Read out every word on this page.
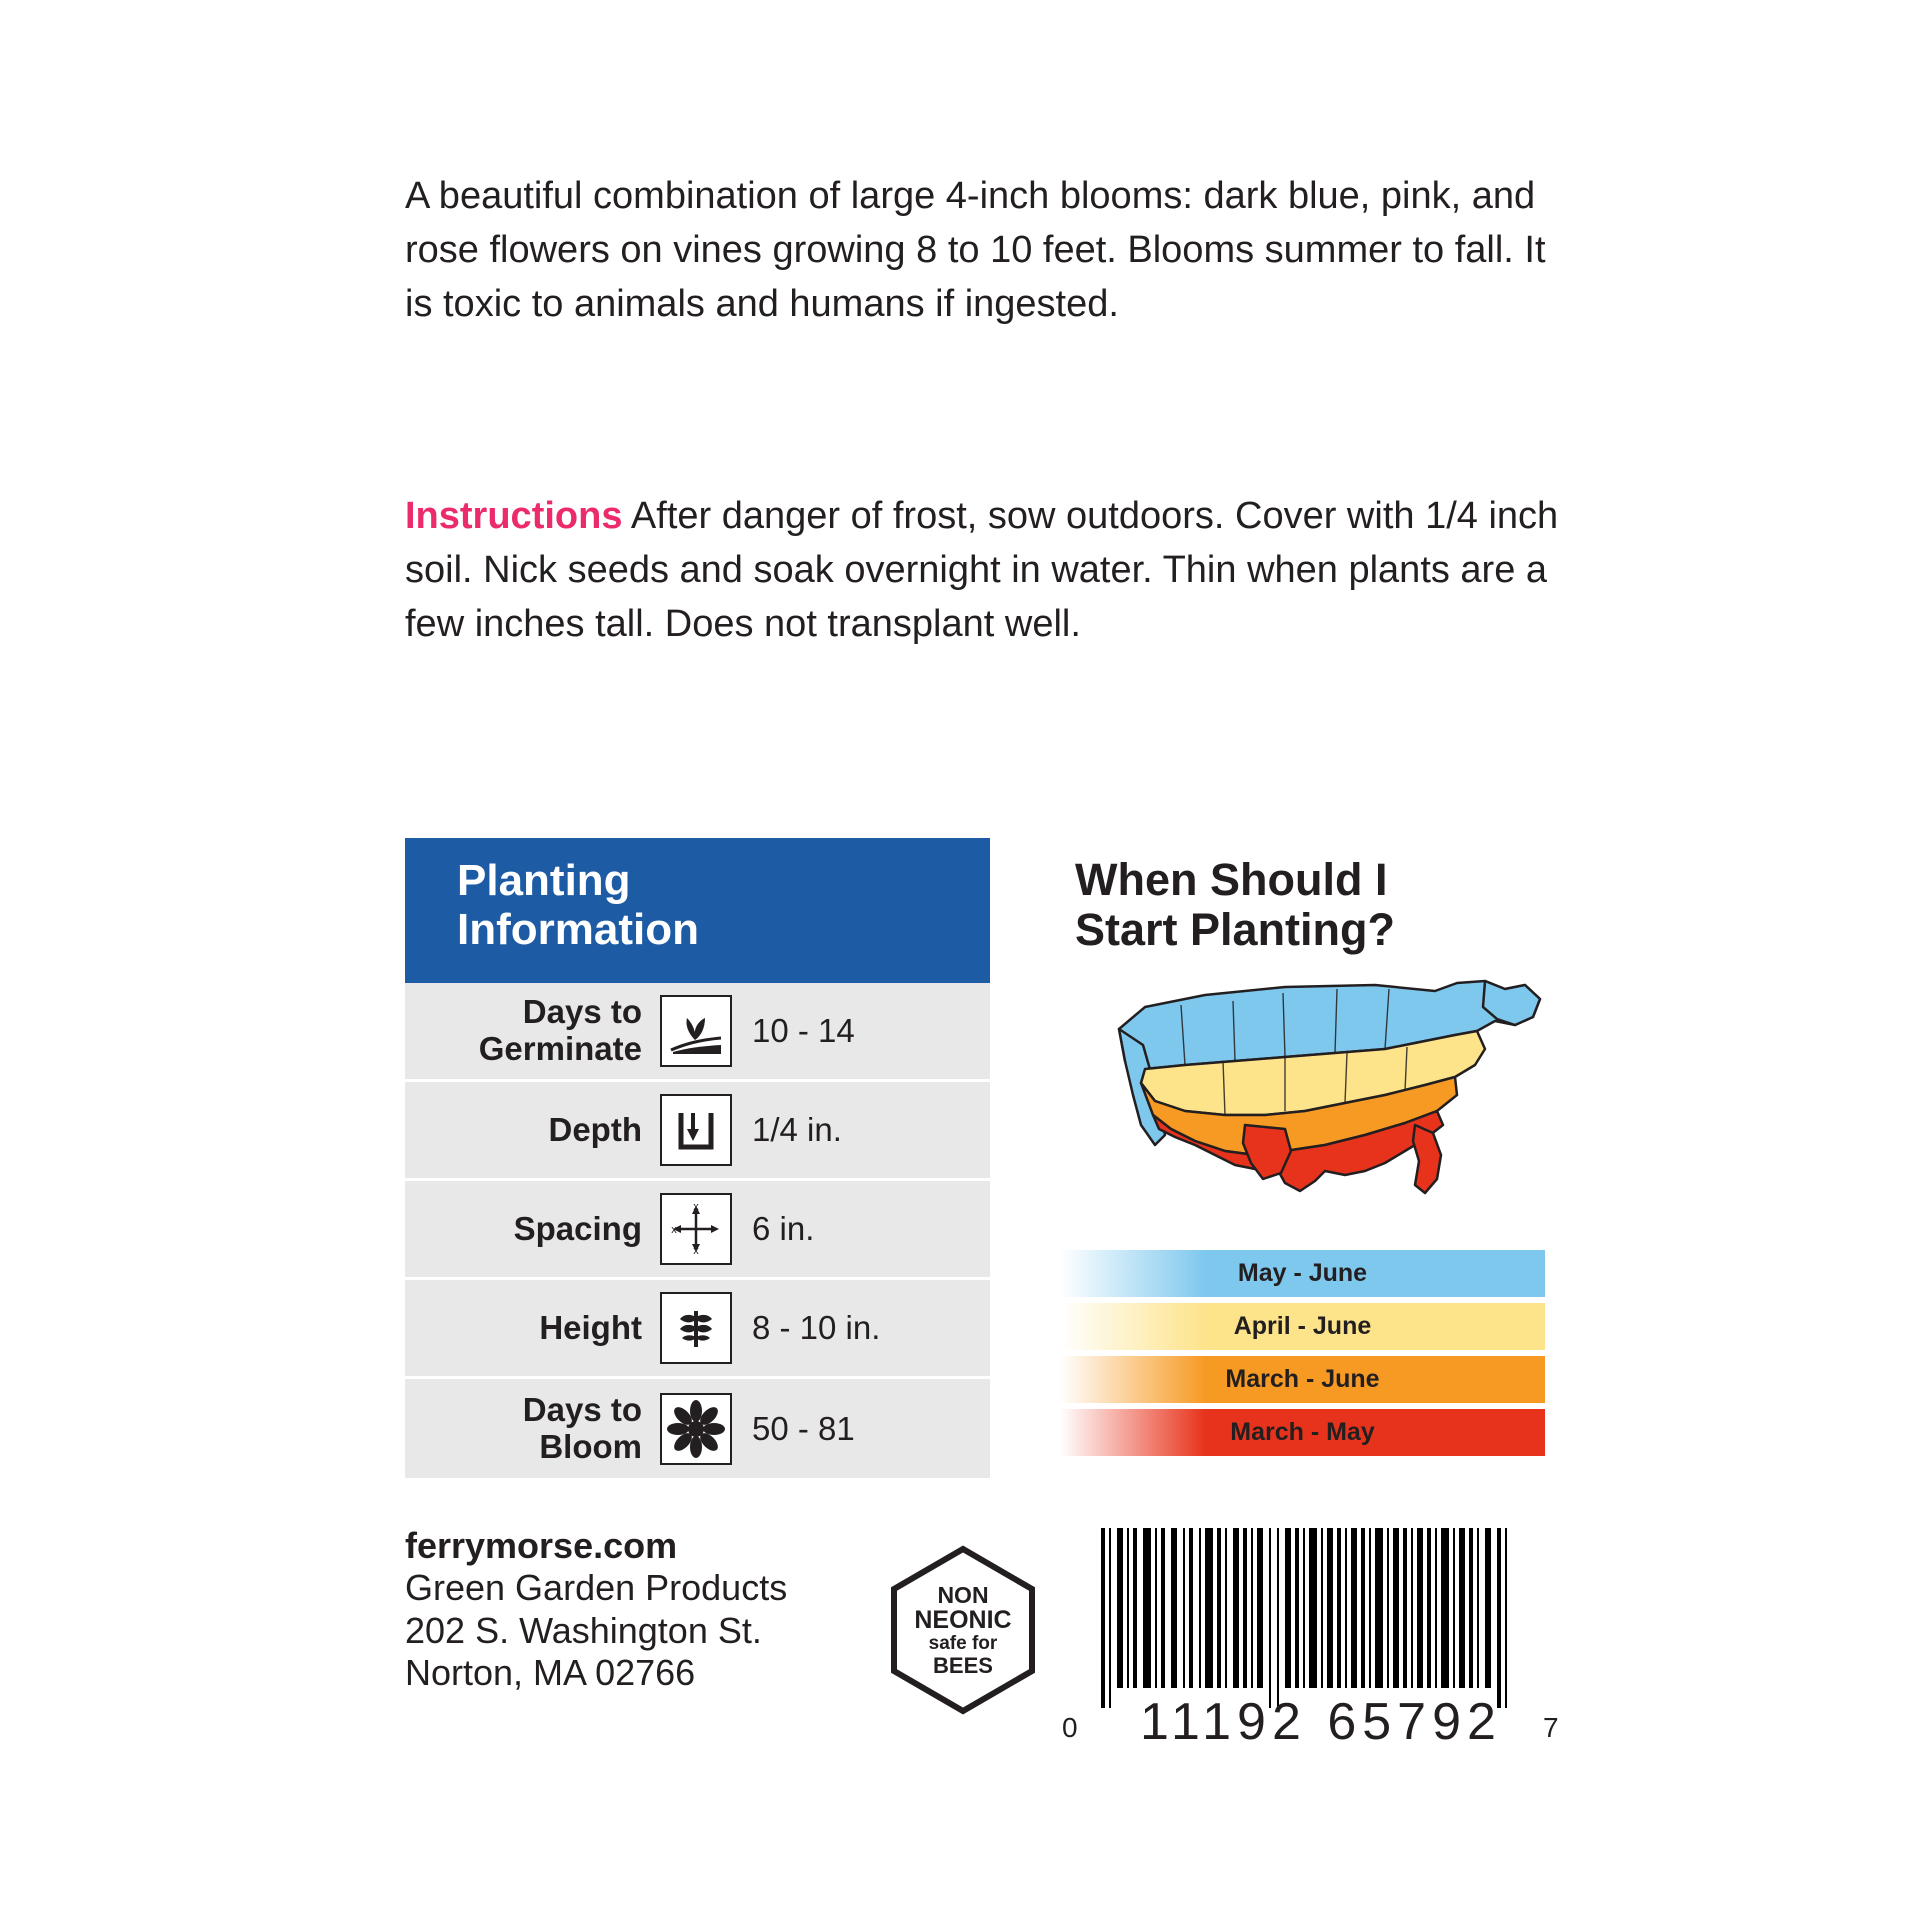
A beautiful combination of large 4-inch blooms: dark blue, pink, and rose flowers on vines growing 8 to 10 feet. Blooms summer to fall. It is toxic to animals and humans if ingested.
Instructions After danger of frost, sow outdoors. Cover with 1/4 inch soil. Nick seeds and soak overnight in water. Thin when plants are a few inches tall. Does not transplant well.
Planting
Information
Days to
Germinate	10 - 14
Depth	1/4 in.
Spacing
x
x
x	6 in.
Height	8 - 10 in.
Days to
Bloom	50 - 81
When Should I
Start Planting?
May - June
April - June
March - June
March - May
ferrymorse.com
Green Garden Products
202 S. Washington St.
Norton, MA 02766
NON
NEONIC
safe for
BEES
0 11192 65792 7
